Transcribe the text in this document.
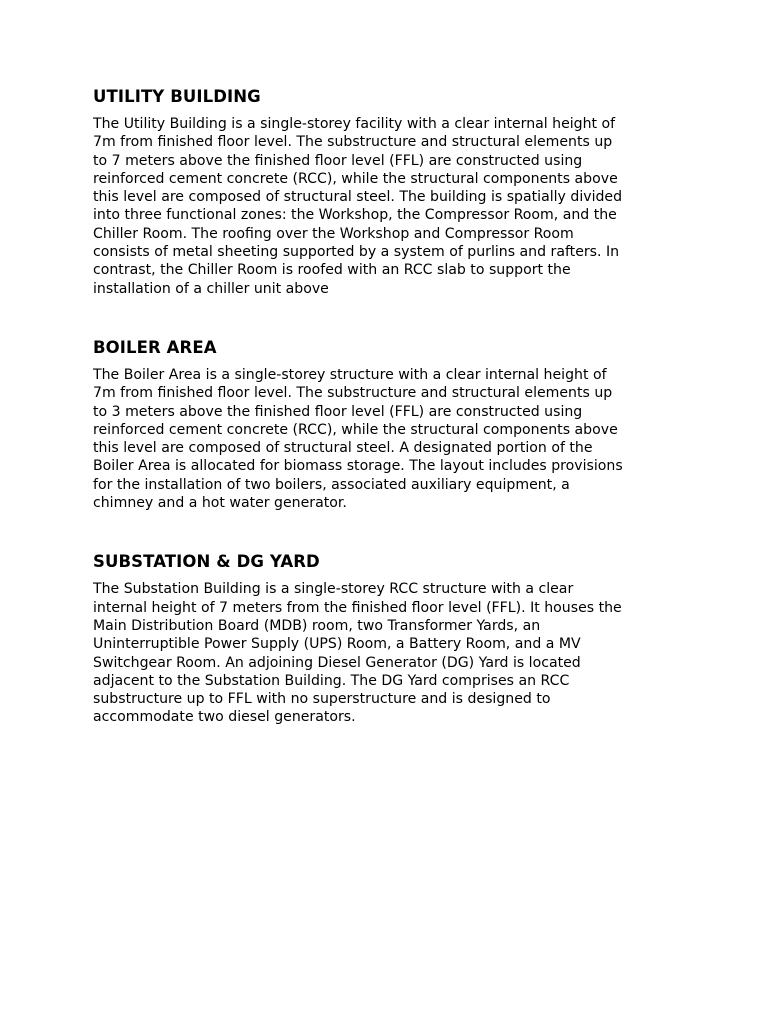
UTILITY BUILDING

The Utility Building is a single-storey facility with a clear internal height of
7m from finished floor level. The substructure and structural elements up
to 7 meters above the finished floor level (FFL) are constructed using
reinforced cement concrete (RCC), while the structural components above
this level are composed of structural steel. The building is spatially divided
into three functional zones: the Workshop, the Compressor Room, and the
Chiller Room. The roofing over the Workshop and Compressor Room
consists of metal sheeting supported by a system of purlins and rafters. In
contrast, the Chiller Room is roofed with an RCC slab to support the
installation of a chiller unit above

BOILER AREA

The Boiler Area is a single-storey structure with a clear internal height of
7m from finished floor level. The substructure and structural elements up
to 3 meters above the finished floor level (FFL) are constructed using
reinforced cement concrete (RCC), while the structural components above
this level are composed of structural steel. A designated portion of the
Boiler Area is allocated for biomass storage. The layout includes provisions
for the installation of two boilers, associated auxiliary equipment, a
chimney and a hot water generator.

SUBSTATION & DG YARD

The Substation Building is a single-storey RCC structure with a clear
internal height of 7 meters from the finished floor level (FFL). It houses the
Main Distribution Board (MDB) room, two Transformer Yards, an
Uninterruptible Power Supply (UPS) Room, a Battery Room, and a MV
Switchgear Room. An adjoining Diesel Generator (DG) Yard is located
adjacent to the Substation Building. The DG Yard comprises an RCC
substructure up to FFL with no superstructure and is designed to
accommodate two diesel generators.
